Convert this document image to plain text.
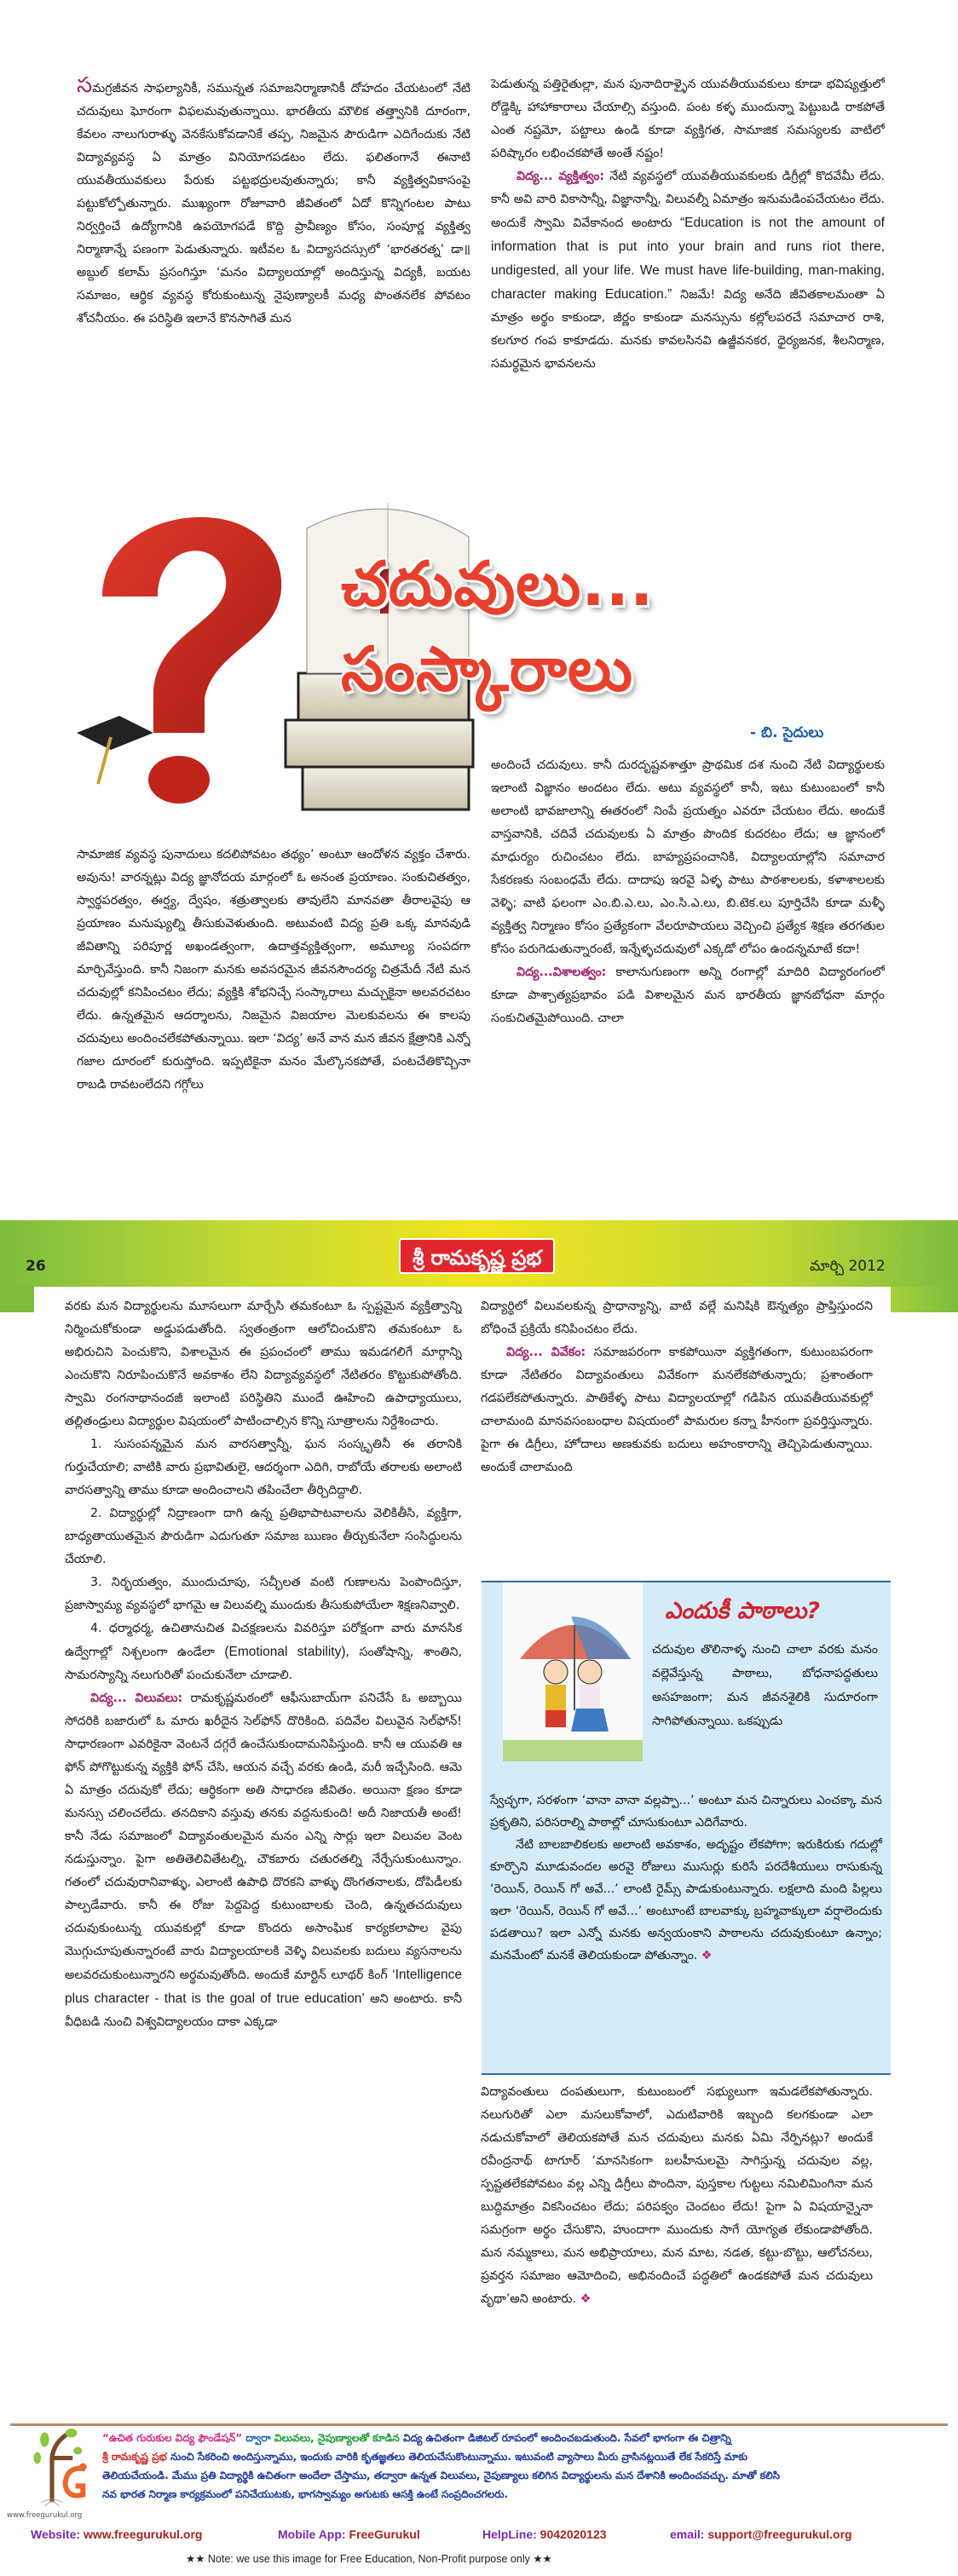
సమగ్రజీవన సాఫల్యానికీ, సమున్నత సమాజనిర్మాణానికీ దోహదం చేయటంలో నేటి చదువులు ఘోరంగా విఫలమవుతున్నాయి. భారతీయ మౌలిక తత్త్వానికి దూరంగా, కేవలం నాలుగురాళ్ళు వెనకేసుకోవడానికే తప్ప, నిజమైన పౌరుడిగా ఎదిగేందుకు నేటి విద్యావ్యవస్థ ఏ మాత్రం వినియోగపడటం లేదు. ఫలితంగానే ఈనాటి యువతీయువకులు పేరుకు పట్టభద్రులవుతున్నారు; కానీ వ్యక్తిత్వవికాసంపై పట్టుకోల్పోతున్నారు. ముఖ్యంగా రోజూవారి జీవితంలో ఏదో కొన్నిగంటల పాటు నిర్వర్తించే ఉద్యోగానికి ఉపయోగపడే కొద్ది ప్రావీణ్యం కోసం, సంపూర్ణ వ్యక్తిత్వ నిర్మాణాన్నే పణంగా పెడుతున్నారు. ఇటీవల ఓ విద్యాసదస్సులో ‘భారతరత్న’ డా॥ అబ్దుల్ కలామ్ ప్రసంగిస్తూ ‘మనం విద్యాలయాల్లో అందిస్తున్న విద్యకీ, బయట సమాజం, ఆర్థిక వ్యవస్థ కోరుకుంటున్న నైపుణ్యాలకీ మధ్య పొంతనలేక పోవటం శోచనీయం. ఈ పరిస్థితి ఇలానే కొనసాగితే మన

పెడుతున్న పత్తిరైతుల్లా, మన పునాదిరాళ్ళైన యువతీయువకులు కూడా భవిష్యత్తులో రోడ్డెక్కి హాహాకారాలు చేయాల్సి వస్తుంది. పంట కళ్ళ ముందున్నా పెట్టుబడి రాకపోతే ఎంత నష్టమో, పట్టాలు ఉండి కూడా వ్యక్తిగత, సామాజిక సమస్యలకు వాటిలో పరిష్కారం లభించకపోతే అంతే నష్టం!

విద్య... వ్యక్తిత్వం: నేటి వ్యవస్థలో యువతీయువకులకు డిగ్రీల్లో కొదవేమీ లేదు. కానీ అవి వారి వికాసాన్నీ, విజ్ఞానాన్నీ, విలువల్నీ ఏమాత్రం ఇనుమడింపచేయటం లేదు. అందుకే స్వామి వివేకానంద అంటారు “Education is not the amount of information that is put into your brain and runs riot there, undigested, all your life. We must have life-building, man-making, character making Education.” నిజమే! విద్య అనేది జీవితకాలమంతా ఏ మాత్రం అర్థం కాకుండా, జీర్ణం కాకుండా మనస్సును కల్లోలపరచే సమాచార రాశి, కలగూర గంప కాకూడదు. మనకు కావలసినవి ఉజ్జీవనకర, ధైర్యజనక, శీలనిర్మాణ, సమర్థమైన భావనలను

చదువులు...
సంస్కారాలు
- బి. సైదులు

సామాజిక వ్యవస్థ పునాదులు కదలిపోవటం తథ్యం’ అంటూ ఆందోళన వ్యక్తం చేశారు. అవును! వారన్నట్లు విద్య జ్ఞానోదయ మార్గంలో ఓ అనంత ప్రయాణం. సంకుచితత్వం, స్వార్థపరత్వం, ఈర్ష్య, ద్వేషం, శత్రుత్వాలకు తావులేని మానవతా తీరాలవైపు ఆ ప్రయాణం మనుష్యుల్ని తీసుకువెళుతుంది. అటువంటి విద్య ప్రతి ఒక్క మానవుడి జీవితాన్ని పరిపూర్ణ అఖండత్వంగా, ఉదాత్తవ్యక్తిత్వంగా, అమూల్య సంపదగా మార్చివేస్తుంది. కానీ నిజంగా మనకు అవసరమైన జీవనసౌందర్య చిత్రమేదీ నేటి మన చదువుల్లో కనిపించటం లేదు; వ్యక్తికి శోభనిచ్చే సంస్కారాలు మచ్చుకైనా అలవరచటం లేదు. ఉన్నతమైన ఆదర్శాలను, నిజమైన విజయాల మెలకువలను ఈ కాలపు చదువులు అందించలేకపోతున్నాయి. ఇలా ‘విద్య’ అనే వాన మన జీవన క్షేత్రానికి ఎన్నో గజాల దూరంలో కురుస్తోంది. ఇప్పటికైనా మనం మేల్కొనకపోతే, పంటచేతికొచ్చినా రాబడి రావటంలేదని గగ్గోలు

అందించే చదువులు. కానీ దురదృష్టవశాత్తూ ప్రాథమిక దశ నుంచి నేటి విద్యార్థులకు ఇలాంటి విజ్ఞానం అందటం లేదు. అటు వ్యవస్థలో కానీ, ఇటు కుటుంబంలో కానీ అలాంటి భావజాలాన్ని ఈతరంలో నింపే ప్రయత్నం ఎవరూ చేయటం లేదు. అందుకే వాస్తవానికి, చదివే చదువులకు ఏ మాత్రం పొందిక కుదరటం లేదు; ఆ జ్ఞానంలో మాధుర్యం రుచించటం లేదు. బాహ్యప్రపంచానికి, విద్యాలయాల్లోని సమాచార సేకరణకు సంబంధమే లేదు. దాదాపు ఇరవై ఏళ్ళ పాటు పాఠశాలలకు, కళాశాలలకు వెళ్ళి; వాటి ఫలంగా ఎం.బి.ఎ.లు, ఎం.సి.ఎ.లు, బి.టెక.లు పూర్తిచేసి కూడా మళ్ళీ వ్యక్తిత్వ నిర్మాణం కోసం ప్రత్యేకంగా వేలరూపాయలు వెచ్చించి ప్రత్యేక శిక్షణ తరగతుల కోసం పరుగెడుతున్నారంటే, ఇన్నేళ్ళచదువులో ఎక్కడో లోపం ఉందన్నమాటే కదా!

విద్య...విశాలత్వం: కాలానుగుణంగా అన్ని రంగాల్లో మాదిరి విద్యారంగంలో కూడా పాశ్చాత్యప్రభావం పడి విశాలమైన మన భారతీయ జ్ఞానబోధనా మార్గం సంకుచితమైపోయింది. చాలా

26	శ్రీ రామకృష్ణ ప్రభ	మార్చి 2012

వరకు మన విద్యార్థులను మూసలుగా మార్చేసి తమకంటూ ఓ స్పష్టమైన వ్యక్తిత్వాన్ని నిర్మించుకోకుండా అడ్డుపడుతోంది. స్వతంత్రంగా ఆలోచించుకొని తమకంటూ ఓ అభిరుచిని పెంచుకొని, విశాలమైన ఈ ప్రపంచంలో తాము ఇమడగలిగే మార్గాన్ని ఎంచుకొని నిరూపించుకొనే అవకాశం లేని విద్యావ్యవస్థలో నేటితరం కొట్టుకుపోతోంది. స్వామి రంగనాథానందజీ ఇలాంటి పరిస్థితిని ముందే ఊహించి ఉపాధ్యాయులు, తల్లితండ్రులు విద్యార్థుల విషయంలో పాటించాల్సిన కొన్ని సూత్రాలను నిర్దేశించారు.

1. సుసంపన్నమైన మన వారసత్వాన్నీ, ఘన సంస్కృతినీ ఈ తరానికి గుర్తుచేయాలి; వాటికి వారు ప్రభావితులై, ఆదర్శంగా ఎదిగి, రాబోయే తరాలకు అలాంటి వారసత్వాన్ని తాము కూడా అందించాలని తపించేలా తీర్చిదిద్దాలి.

2. విద్యార్థుల్లో నిద్రాణంగా దాగి ఉన్న ప్రతిభాపాటవాలను వెలికితీసి, వ్యక్తిగా, బాధ్యతాయుతమైన పౌరుడిగా ఎదుగుతూ సమాజ ఋణం తీర్చుకునేలా సంసిద్ధులను చేయాలి.

3. నిర్భయత్వం, ముందుచూపు, సచ్ఛీలత వంటి గుణాలను పెంపొందిస్తూ, ప్రజాస్వామ్య వ్యవస్థలో భాగమై ఆ విలువల్ని ముందుకు తీసుకుపోయేలా శిక్షణనివ్వాలి.

4. ధర్మాధర్మ, ఉచితానుచిత విచక్షణలను వివరిస్తూ పరోక్షంగా వారు మానసిక ఉద్వేగాల్లో నిశ్చలంగా ఉండేలా (Emotional stability), సంతోషాన్ని, శాంతిని, సామరస్యాన్ని నలుగురితో పంచుకునేలా చూడాలి.

విద్య... విలువలు: రామకృష్ణమఠంలో ఆఫీసుబాయ్‌గా పనిచేసే ఓ అబ్బాయి సోదరికి బజారులో ఓ మారు ఖరీదైన సెల్‌ఫోన్ దొరికింది. పదివేల విలువైన సెల్‌ఫోన్! సాధారణంగా ఎవరికైనా వెంటనే దగ్గరే ఉంచేసుకుందామనిపిస్తుంది. కానీ ఆ యువతి ఆ ఫోన్ పోగొట్టుకున్న వ్యక్తికి ఫోన్ చేసి, ఆయన వచ్చే వరకు ఉండి, మరీ ఇచ్చేసింది. ఆమె ఏ మాత్రం చదువుకో లేదు; ఆర్థికంగా అతి సాధారణ జీవితం. అయినా క్షణం కూడా మనస్సు చలించలేదు. తనదికాని వస్తువు తనకు వద్దనుకుంది! అదీ నిజాయతీ అంటే! కానీ నేడు సమాజంలో విద్యావంతులమైన మనం ఎన్ని సార్లు ఇలా విలువల వెంట నడుస్తున్నాం. పైగా అతితెలివితేటల్ని, చౌకబారు చతురతల్ని నేర్చేసుకుంటున్నాం. గతంలో చదువురానివాళ్ళు, ఎలాంటి ఉపాధి దొరకని వాళ్ళు దొంగతనాలకు, దోపిడీలకు పాల్పడేవారు. కానీ ఈ రోజు పెద్దపెద్ద కుటుంబాలకు చెంది, ఉన్నతచదువులు చదువుకుంటున్న యువకుల్లో కూడా కొందరు అసాంఘిక కార్యకలాపాల వైపు మొగ్గుచూపుతున్నారంటే వారు విద్యాలయాలకి వెళ్ళి విలువలకు బదులు వ్యసనాలను అలవరచుకుంటున్నారని అర్థమవుతోంది. అందుకే మార్టిన్ లూథర్ కింగ్ ‘Intelligence plus character - that is the goal of true education’ అని అంటారు. కానీ వీధిబడి నుంచి విశ్వవిద్యాలయం దాకా ఎక్కడా

విద్యార్థిలో విలువలకున్న ప్రాధాన్యాన్ని, వాటి వల్లే మనిషికి ఔన్నత్యం ప్రాప్తిస్తుందని బోధించే ప్రక్రియే కనిపించటం లేదు.

విద్య... వివేకం: సమాజపరంగా కాకపోయినా వ్యక్తిగతంగా, కుటుంబపరంగా కూడా నేటితరం విద్యావంతులు వివేకంగా మనలేకపోతున్నారు; ప్రశాంతంగా గడపలేకపోతున్నారు. పాతికేళ్ళ పాటు విద్యాలయాల్లో గడిపిన యువతీయువకుల్లో చాలామంది మానవసంబంధాల విషయంలో పామరుల కన్నా హీనంగా ప్రవర్తిస్తున్నారు. పైగా ఈ డిగ్రీలు, హోదాలు అణకువకు బదులు అహంకారాన్ని తెచ్చిపెడుతున్నాయి. అందుకే చాలామంది

ఎందుకీ పాఠాలు?
చదువుల తొలినాళ్ళ నుంచి చాలా వరకు మనం వల్లెవేస్తున్న పాఠాలు, బోధనాపద్ధతులు అసహజంగా; మన జీవనశైలికి సుదూరంగా సాగిపోతున్నాయి. ఒకప్పుడు

స్వేచ్ఛగా, సరళంగా ‘వానా వానా వల్లప్పా...’ అంటూ మన చిన్నారులు ఎంచక్కా మన ప్రకృతిని, పరిసరాల్ని పాఠాల్లో చూసుకుంటూ ఎదిగేవారు.

నేటి బాలబాలికలకు అలాంటి అవకాశం, అదృష్టం లేకపోగా; ఇరుకిరుకు గదుల్లో కూర్చొని మూడువందల అరవై రోజులు ముసుర్లు కురిసే పరదేశీయులు రాసుకున్న ‘రెయిన్, రెయిన్ గో అవే...’ లాంటి రైమ్స్ పాడుకుంటున్నారు. లక్షలాది మంది పిల్లలు ఇలా ‘రెయిన్, రెయిన్ గో అవే...’ అంటూంటే బాలవాక్కు బ్రహ్మవాక్కులా వర్షాలెందుకు పడతాయి? ఇలా ఎన్నో మనకు అన్వయంకాని పాఠాలను చదువుకుంటూ ఉన్నాం; మనమేంటో మనకే తెలియకుండా పోతున్నాం. ❖

విద్యావంతులు దంపతులుగా, కుటుంబంలో సభ్యులుగా ఇమడలేకపోతున్నారు. నలుగురితో ఎలా మసలుకోవాలో, ఎదుటివారికి ఇబ్బంది కలగకుండా ఎలా నడుచుకోవాలో తెలియకపోతే మన చదువులు మనకు ఏమి నేర్పినట్లు? అందుకే రవీంద్రనాథ్ టాగూర్ ‘మానసికంగా బలహీనులమై సాగిస్తున్న చదువుల వల్ల, స్పష్టతలేకపోవటం వల్ల ఎన్ని డిగ్రీలు పొందినా, పుస్తకాల గుట్టలు నమిలిమింగినా మన బుద్ధిమాత్రం వికసించటం లేదు; పరిపక్వం చెందటం లేదు! పైగా ఏ విషయాన్నైనా సమగ్రంగా అర్థం చేసుకొని, హుందాగా ముందుకు సాగే యోగ్యత లేకుండాపోతోంది. మన నమ్మకాలు, మన అభిప్రాయాలు, మన మాట, నడత, కట్టు-బొట్టు, ఆలోచనలు, ప్రవర్తన సమాజం ఆమోదించి, అభినందించే పద్ధతిలో ఉండకపోతే మన చదువులు వృథా’అని అంటారు. ❖

www.freegurukul.org
“ఉచిత గురుకుల విద్య ఫౌండేషన్” ద్వారా విలువలు, నైపుణ్యాలతో కూడిన విద్య ఉచితంగా డిజిటల్ రూపంలో అందించబడుతుంది. సేవలో భాగంగా ఈ చిత్రాన్ని
శ్రీ రామకృష్ణ ప్రభ నుంచి సేకరించి అందిస్తున్నాము, ఇందుకు వారికి కృతజ్ఞతలు తెలియచేసుకొంటున్నాము. ఇటువంటి వ్యాసాలు మీరు వ్రాసినట్లయితే లేక సేకరిస్తే మాకు
తెలియచేయండి. మేము ప్రతి విద్యార్థికి ఉచితంగా అందేలా చేస్తాము, తద్వారా ఉన్నత విలువలు, నైపుణ్యాలు కలిగిన విద్యార్థులను మన దేశానికి అందించవచ్చు. మాతో కలిసి
నవ భారత నిర్మాణ కార్యక్రమంలో పనిచేయుటకు, భాగస్వామ్యం అగుటకు ఆసక్తి ఉంటే సంప్రదించగలరు.
Website: www.freegurukul.org	Mobile App: FreeGurukul	HelpLine: 9042020123	email: support@freegurukul.org
★★ Note: we use this image for Free Education, Non-Profit purpose only ★★
